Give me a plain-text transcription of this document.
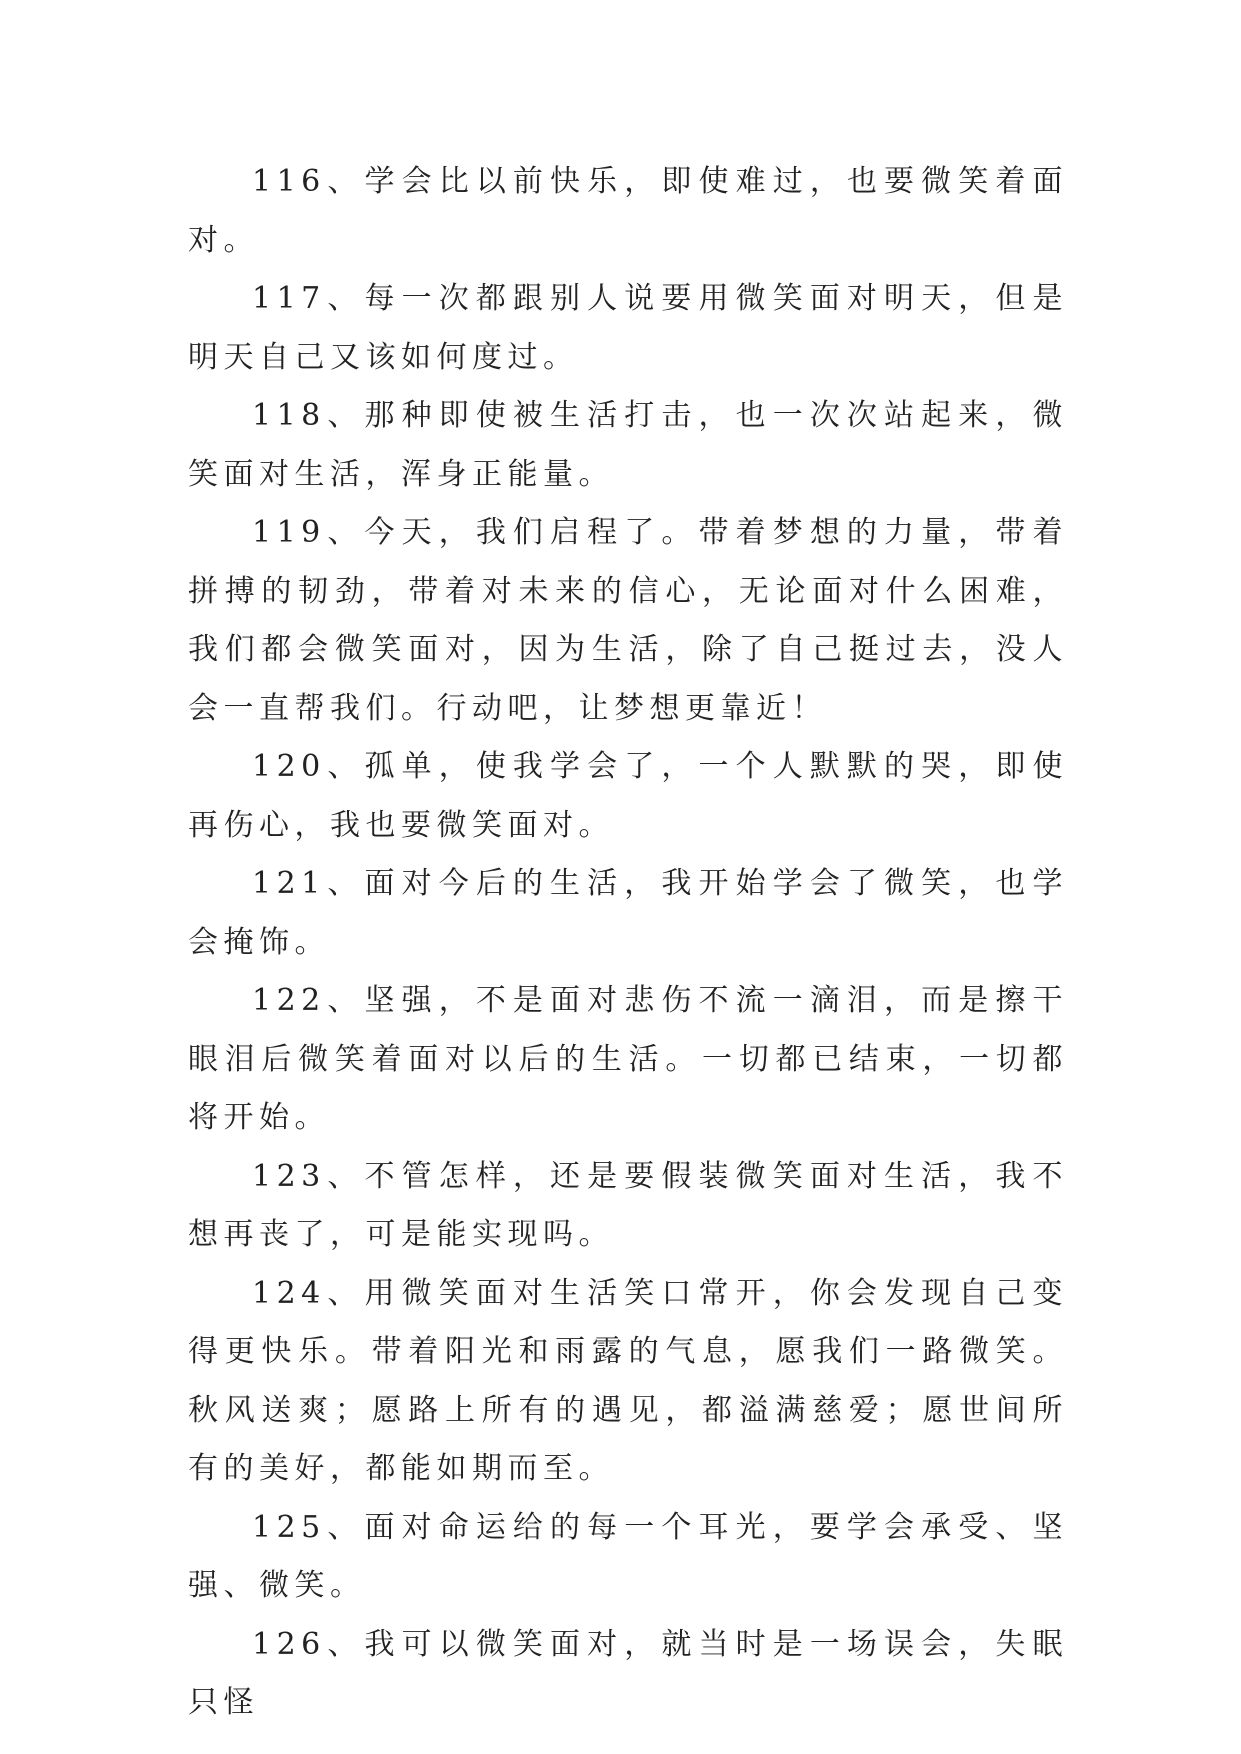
116、学会比以前快乐，即使难过，也要微笑着面对。

117、每一次都跟别人说要用微笑面对明天，但是明天自己又该如何度过。

118、那种即使被生活打击，也一次次站起来，微笑面对生活，浑身正能量。

119、今天，我们启程了。带着梦想的力量，带着拼搏的韧劲，带着对未来的信心，无论面对什么困难，我们都会微笑面对，因为生活，除了自己挺过去，没人会一直帮我们。行动吧，让梦想更靠近！

120、孤单，使我学会了，一个人默默的哭，即使再伤心，我也要微笑面对。

121、面对今后的生活，我开始学会了微笑，也学会掩饰。

122、坚强，不是面对悲伤不流一滴泪，而是擦干眼泪后微笑着面对以后的生活。一切都已结束，一切都将开始。

123、不管怎样，还是要假装微笑面对生活，我不想再丧了，可是能实现吗。

124、用微笑面对生活笑口常开，你会发现自己变得更快乐。带着阳光和雨露的气息，愿我们一路微笑。秋风送爽；愿路上所有的遇见，都溢满慈爱；愿世间所有的美好，都能如期而至。

125、面对命运给的每一个耳光，要学会承受、坚强、微笑。

126、我可以微笑面对，就当时是一场误会，失眠只怪
